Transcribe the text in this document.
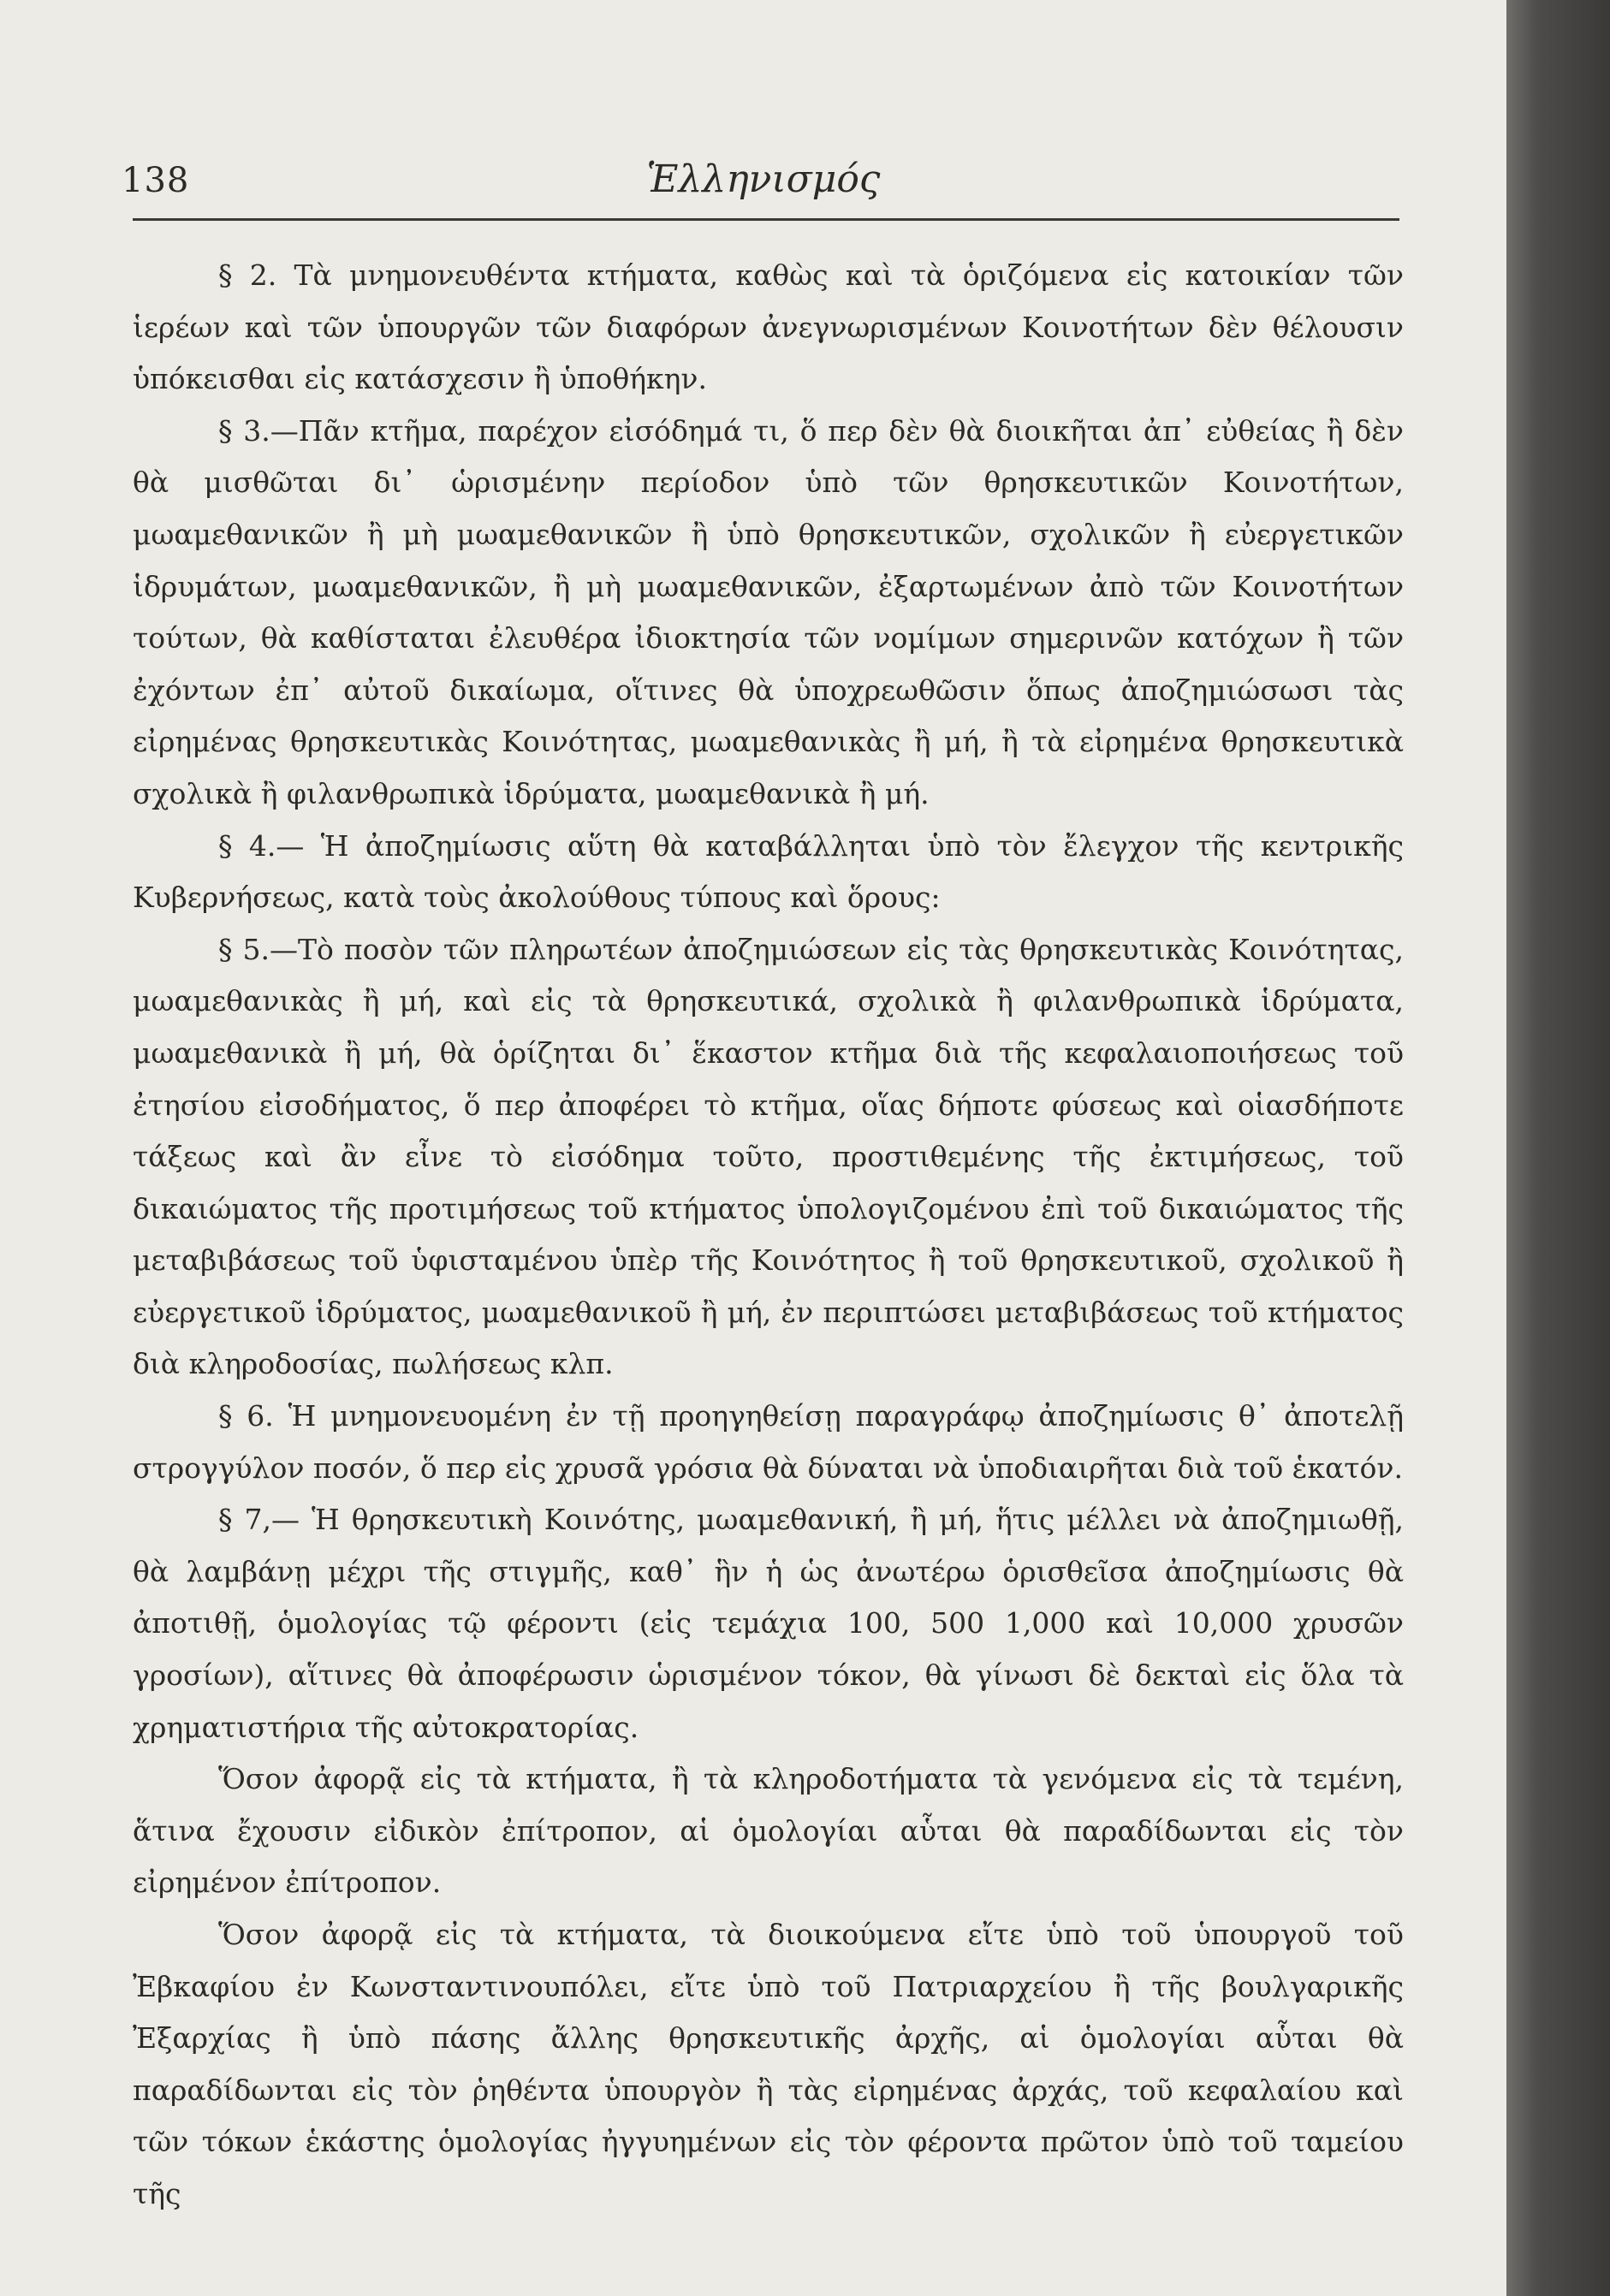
138	Ἑλληνισμός

§ 2. Τὰ μνημονευθέντα κτήματα, καθὼς καὶ τὰ ὁριζόμενα εἰς κατοικίαν τῶν ἱερέων καὶ τῶν ὑπουργῶν τῶν διαφόρων ἀνεγνωρισμένων Κοινοτήτων δὲν θέλουσιν ὑπόκεισθαι εἰς κατάσχεσιν ἢ ὑποθήκην.

§ 3.—Πᾶν κτῆμα, παρέχον εἰσόδημά τι, ὅ περ δὲν θὰ διοικῆται ἀπ᾿ εὐθείας ἢ δὲν θὰ μισθῶται δι᾿ ὡρισμένην περίοδον ὑπὸ τῶν θρησκευτικῶν Κοινοτήτων, μωαμεθανικῶν ἢ μὴ μωαμεθανικῶν ἢ ὑπὸ θρησκευτικῶν, σχολικῶν ἢ εὐεργετικῶν ἱδρυμάτων, μωαμεθανικῶν, ἢ μὴ μωαμεθανικῶν, ἐξαρτωμένων ἀπὸ τῶν Κοινοτήτων τούτων, θὰ καθίσταται ἐλευθέρα ἰδιοκτησία τῶν νομίμων σημερινῶν κατόχων ἢ τῶν ἐχόντων ἐπ᾿ αὐτοῦ δικαίωμα, οἵτινες θὰ ὑποχρεωθῶσιν ὅπως ἀποζημιώσωσι τὰς εἰρημένας θρησκευτικὰς Κοινότητας, μωαμεθανικὰς ἢ μή, ἢ τὰ εἰρημένα θρησκευτικὰ σχολικὰ ἢ φιλανθρωπικὰ ἱδρύματα, μωαμεθανικὰ ἢ μή.

§ 4.— Ἡ ἀποζημίωσις αὕτη θὰ καταβάλληται ὑπὸ τὸν ἔλεγχον τῆς κεντρικῆς Κυβερνήσεως, κατὰ τοὺς ἀκολούθους τύπους καὶ ὅρους:

§ 5.—Τὸ ποσὸν τῶν πληρωτέων ἀποζημιώσεων εἰς τὰς θρησκευτικὰς Κοινότητας, μωαμεθανικὰς ἢ μή, καὶ εἰς τὰ θρησκευτικά, σχολικὰ ἢ φιλανθρωπικὰ ἱδρύματα, μωαμεθανικὰ ἢ μή, θὰ ὁρίζηται δι᾿ ἕκαστον κτῆμα διὰ τῆς κεφαλαιοποιήσεως τοῦ ἐτησίου εἰσοδήματος, ὅ περ ἀποφέρει τὸ κτῆμα, οἵας δήποτε φύσεως καὶ οἱασδήποτε τάξεως καὶ ἂν εἶνε τὸ εἰσόδημα τοῦτο, προστιθεμένης τῆς ἐκτιμήσεως, τοῦ δικαιώματος τῆς προτιμήσεως τοῦ κτήματος ὑπολογιζομένου ἐπὶ τοῦ δικαιώματος τῆς μεταβιβάσεως τοῦ ὑφισταμένου ὑπὲρ τῆς Κοινότητος ἢ τοῦ θρησκευτικοῦ, σχολικοῦ ἢ εὐεργετικοῦ ἱδρύματος, μωαμεθανικοῦ ἢ μή, ἐν περιπτώσει μεταβιβάσεως τοῦ κτήματος διὰ κληροδοσίας, πωλήσεως κλπ.

§ 6. Ἡ μνημονευομένη ἐν τῇ προηγηθείσῃ παραγράφῳ ἀποζημίωσις θ᾿ ἀποτελῇ στρογγύλον ποσόν, ὅ περ εἰς χρυσᾶ γρόσια θὰ δύναται νὰ ὑποδιαιρῆται διὰ τοῦ ἑκατόν.

§ 7,— Ἡ θρησκευτικὴ Κοινότης, μωαμεθανική, ἢ μή, ἥτις μέλλει νὰ ἀποζημιωθῇ, θὰ λαμβάνῃ μέχρι τῆς στιγμῆς, καθ᾿ ἣν ἡ ὡς ἀνωτέρω ὁρισθεῖσα ἀποζημίωσις θὰ ἀποτιθῇ, ὁμολογίας τῷ φέροντι (εἰς τεμάχια 100, 500 1,000 καὶ 10,000 χρυσῶν γροσίων), αἵτινες θὰ ἀποφέρωσιν ὡρισμένον τόκον, θὰ γίνωσι δὲ δεκταὶ εἰς ὅλα τὰ χρηματιστήρια τῆς αὐτοκρατορίας.

Ὅσον ἀφορᾷ εἰς τὰ κτήματα, ἢ τὰ κληροδοτήματα τὰ γενόμενα εἰς τὰ τεμένη, ἅτινα ἔχουσιν εἰδικὸν ἐπίτροπον, αἱ ὁμολογίαι αὗται θὰ παραδίδωνται εἰς τὸν εἰρημένον ἐπίτροπον.

Ὅσον ἀφορᾷ εἰς τὰ κτήματα, τὰ διοικούμενα εἴτε ὑπὸ τοῦ ὑπουργοῦ τοῦ Ἐβκαφίου ἐν Κωνσταντινουπόλει, εἴτε ὑπὸ τοῦ Πατριαρχείου ἢ τῆς βουλγαρικῆς Ἐξαρχίας ἢ ὑπὸ πάσης ἄλλης θρησκευτικῆς ἀρχῆς, αἱ ὁμολογίαι αὗται θὰ παραδίδωνται εἰς τὸν ῥηθέντα ὑπουργὸν ἢ τὰς εἰρημένας ἀρχάς, τοῦ κεφαλαίου καὶ τῶν τόκων ἑκάστης ὁμολογίας ἠγγυημένων εἰς τὸν φέροντα πρῶτον ὑπὸ τοῦ ταμείου τῆς
